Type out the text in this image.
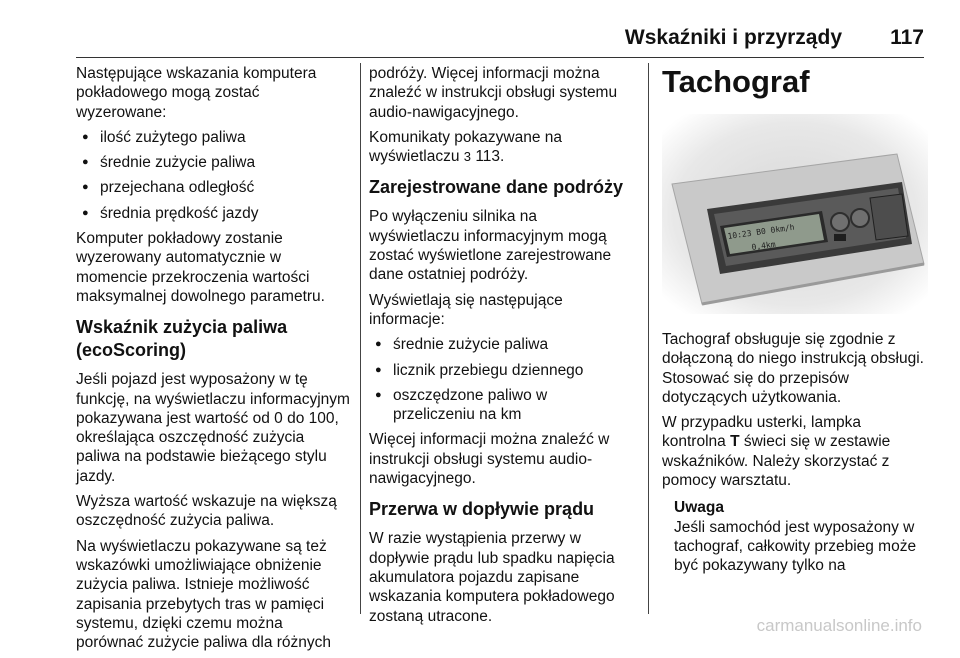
Wskaźniki i przyrządy 117

Następujące wskazania komputera pokładowego mogą zostać wyzerowane:

● ilość zużytego paliwa
● średnie zużycie paliwa
● przejechana odległość
● średnia prędkość jazdy

Komputer pokładowy zostanie wyzerowany automatycznie w momencie przekroczenia wartości maksymalnej dowolnego parametru.

Wskaźnik zużycia paliwa (ecoScoring)

Jeśli pojazd jest wyposażony w tę funkcję, na wyświetlaczu informacyjnym pokazywana jest wartość od 0 do 100, określająca oszczędność zużycia paliwa na podstawie bieżącego stylu jazdy.

Wyższa wartość wskazuje na większą oszczędność zużycia paliwa.

Na wyświetlaczu pokazywane są też wskazówki umożliwiające obniżenie zużycia paliwa. Istnieje możliwość zapisania przebytych tras w pamięci systemu, dzięki czemu można porównać zużycie paliwa dla różnych

podróży. Więcej informacji można znaleźć w instrukcji obsługi systemu audio-nawigacyjnego.

Komunikaty pokazywane na wyświetlaczu 3 113.

Zarejestrowane dane podróży

Po wyłączeniu silnika na wyświetlaczu informacyjnym mogą zostać wyświetlone zarejestrowane dane ostatniej podróży.

Wyświetlają się następujące informacje:

● średnie zużycie paliwa
● licznik przebiegu dziennego
● oszczędzone paliwo w przeliczeniu na km

Więcej informacji można znaleźć w instrukcji obsługi systemu audio-nawigacyjnego.

Przerwa w dopływie prądu

W razie wystąpienia przerwy w dopływie prądu lub spadku napięcia akumulatora pojazdu zapisane wskazania komputera pokładowego zostaną utracone.

Tachograf
10:23 B0 0km/h
0,4km

Tachograf obsługuje się zgodnie z dołączoną do niego instrukcją obsługi. Stosować się do przepisów dotyczących użytkowania.

W przypadku usterki, lampka kontrolna T świeci się w zestawie wskaźników. Należy skorzystać z pomocy warsztatu.

Uwaga
Jeśli samochód jest wyposażony w tachograf, całkowity przebieg może być pokazywany tylko na
carmanualsonline.info
